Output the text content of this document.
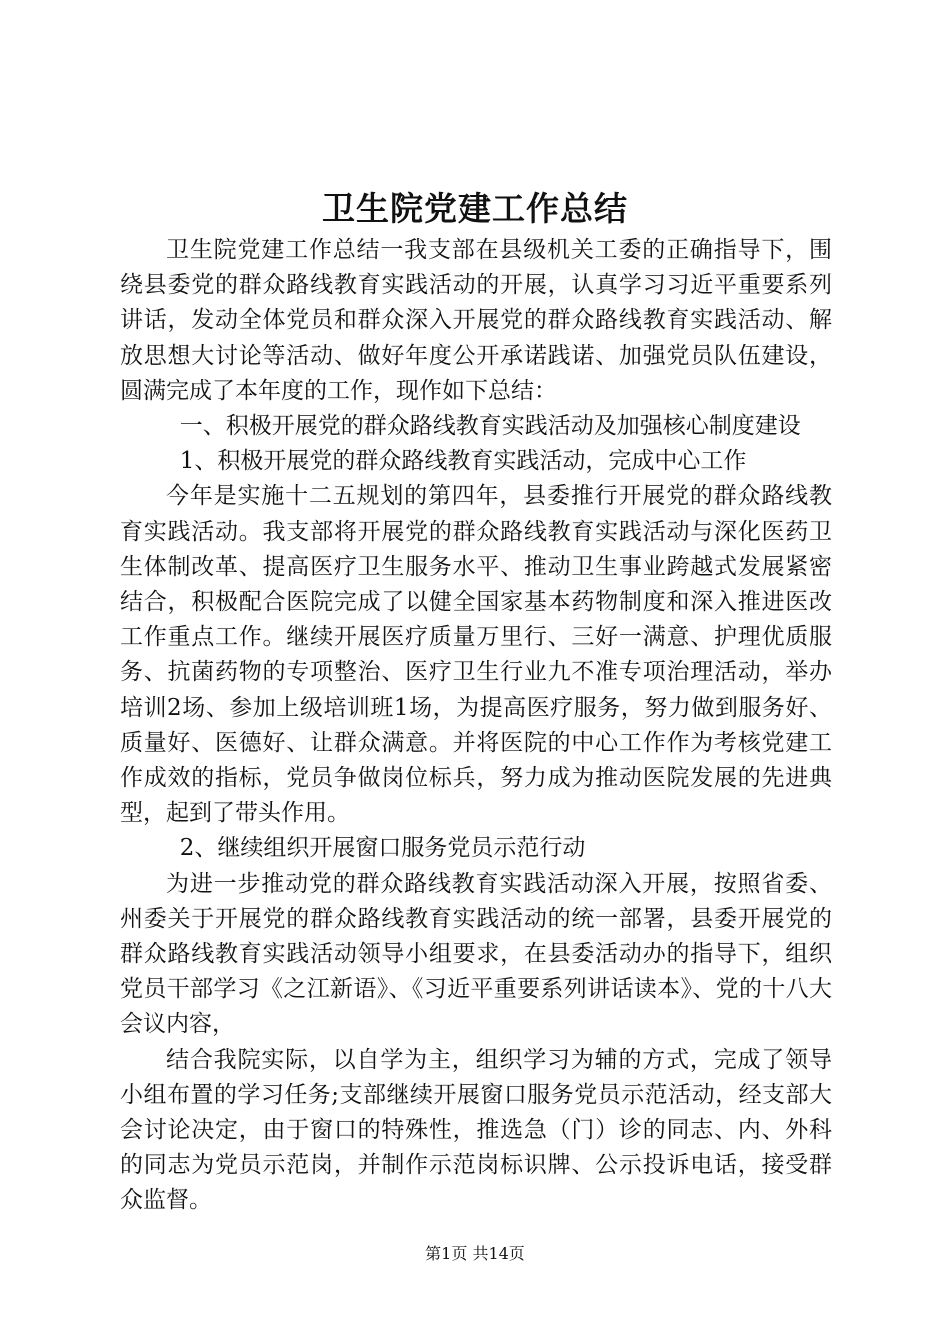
卫生院党建工作总结

卫生院党建工作总结一我支部在县级机关工委的正确指导下，围绕县委党的群众路线教育实践活动的开展，认真学习习近平重要系列讲话，发动全体党员和群众深入开展党的群众路线教育实践活动、解放思想大讨论等活动、做好年度公开承诺践诺、加强党员队伍建设，圆满完成了本年度的工作，现作如下总结：

一、积极开展党的群众路线教育实践活动及加强核心制度建设

1、积极开展党的群众路线教育实践活动，完成中心工作

今年是实施十二五规划的第四年，县委推行开展党的群众路线教育实践活动。我支部将开展党的群众路线教育实践活动与深化医药卫生体制改革、提高医疗卫生服务水平、推动卫生事业跨越式发展紧密结合，积极配合医院完成了以健全国家基本药物制度和深入推进医改工作重点工作。继续开展医疗质量万里行、三好一满意、护理优质服务、抗菌药物的专项整治、医疗卫生行业九不准专项治理活动，举办培训2场、参加上级培训班1场，为提高医疗服务，努力做到服务好、质量好、医德好、让群众满意。并将医院的中心工作作为考核党建工作成效的指标，党员争做岗位标兵，努力成为推动医院发展的先进典型，起到了带头作用。

2、继续组织开展窗口服务党员示范行动

为进一步推动党的群众路线教育实践活动深入开展，按照省委、州委关于开展党的群众路线教育实践活动的统一部署，县委开展党的群众路线教育实践活动领导小组要求，在县委活动办的指导下，组织党员干部学习《之江新语》、《习近平重要系列讲话读本》、党的十八大会议内容，

结合我院实际，以自学为主，组织学习为辅的方式，完成了领导小组布置的学习任务;支部继续开展窗口服务党员示范活动，经支部大会讨论决定，由于窗口的特殊性，推选急（门）诊的同志、内、外科的同志为党员示范岗，并制作示范岗标识牌、公示投诉电话，接受群众监督。

第1页 共14页
